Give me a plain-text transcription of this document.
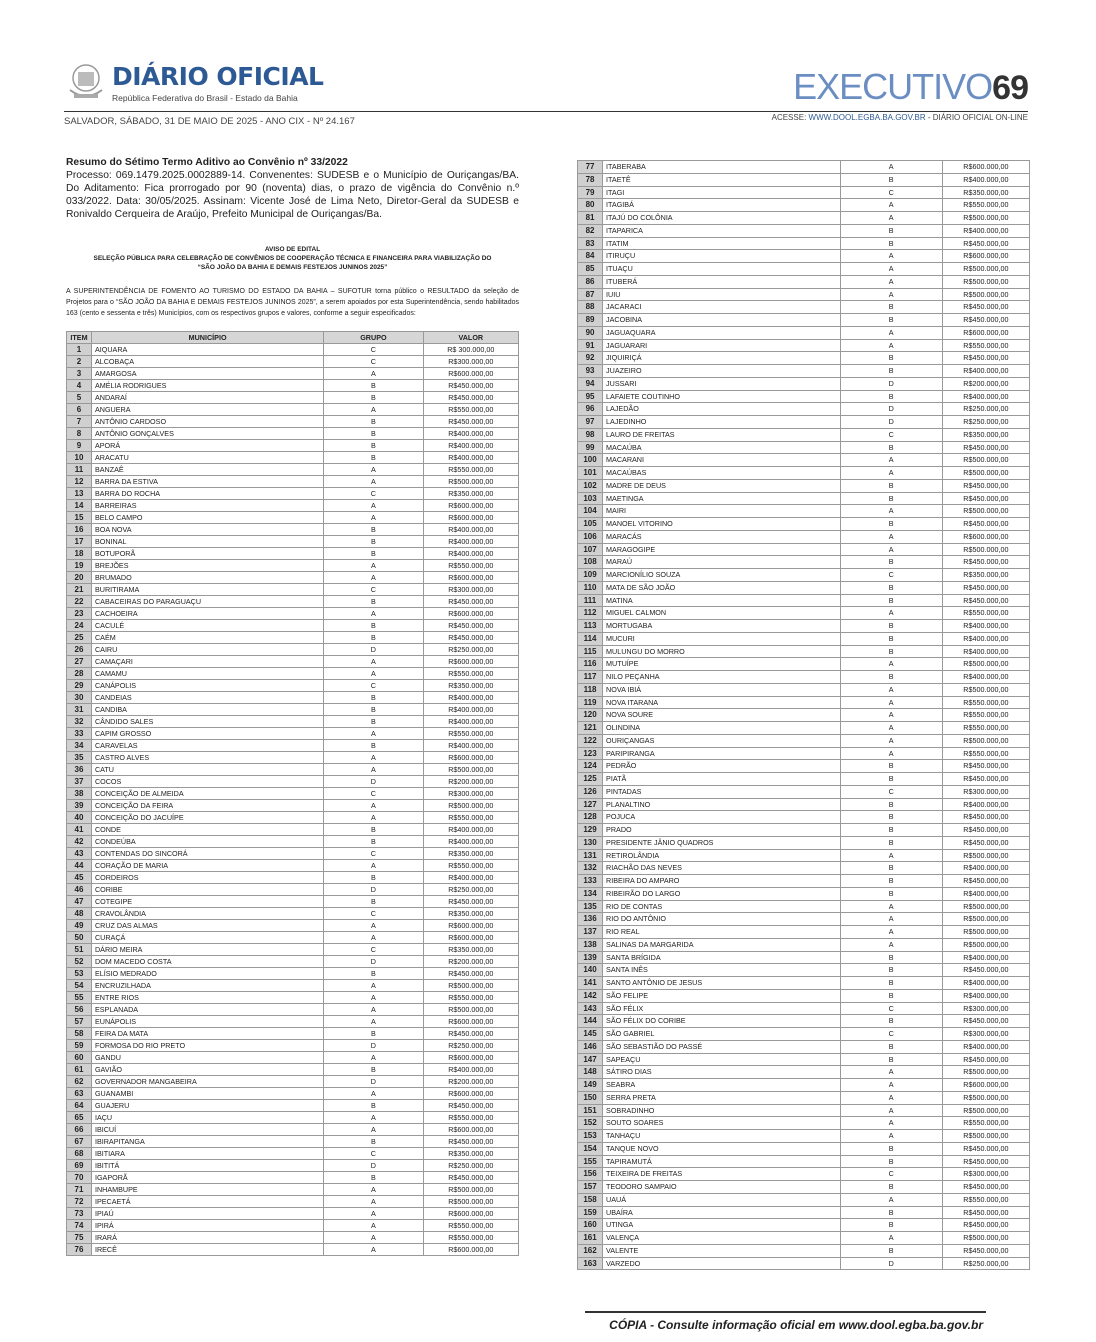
DIÁRIO OFICIAL
República Federativa do Brasil - Estado da Bahia	EXECUTIVO69
SALVADOR, SÁBADO, 31 DE MAIO DE 2025 - ANO CIX - Nº 24.167	ACESSE: WWW.DOOL.EGBA.BA.GOV.BR - DIÁRIO OFICIAL ON-LINE
Resumo do Sétimo Termo Aditivo ao Convênio nº 33/2022
Processo: 069.1479.2025.0002889-14. Convenentes: SUDESB e o Município de Ouriçangas/BA. Do Aditamento: Fica prorrogado por 90 (noventa) dias, o prazo de vigência do Convênio n.º 033/2022. Data: 30/05/2025. Assinam: Vicente José de Lima Neto, Diretor-Geral da SUDESB e Ronivaldo Cerqueira de Araújo, Prefeito Municipal de Ouriçangas/Ba.
AVISO DE EDITAL
SELEÇÃO PÚBLICA PARA CELEBRAÇÃO DE CONVÊNIOS DE COOPERAÇÃO TÉCNICA E FINANCEIRA PARA VIABILIZAÇÃO DO
“SÃO JOÃO DA BAHIA E DEMAIS FESTEJOS JUNINOS 2025”
A SUPERINTENDÊNCIA DE FOMENTO AO TURISMO DO ESTADO DA BAHIA – SUFOTUR torna público o RESULTADO da seleção de Projetos para o “SÃO JOÃO DA BAHIA E DEMAIS FESTEJOS JUNINOS 2025”, a serem apoiados por esta Superintendência, sendo habilitados 163 (cento e sessenta e três) Municípios, com os respectivos grupos e valores, conforme a seguir especificados:
ITEM	MUNICÍPIO	GRUPO	VALOR
1	AIQUARA	C	R$ 300.000,00
2	ALCOBAÇA	C	R$300.000,00
3	AMARGOSA	A	R$600.000,00
4	AMÉLIA RODRIGUES	B	R$450.000,00
5	ANDARAÍ	B	R$450.000,00
6	ANGUERA	A	R$550.000,00
7	ANTÔNIO CARDOSO	B	R$450.000,00
8	ANTÔNIO GONÇALVES	B	R$400.000,00
9	APORÁ	B	R$400.000,00
10	ARACATU	B	R$400.000,00
11	BANZAÊ	A	R$550.000,00
12	BARRA DA ESTIVA	A	R$500.000,00
13	BARRA DO ROCHA	C	R$350.000,00
14	BARREIRAS	A	R$600.000,00
15	BELO CAMPO	A	R$600.000,00
16	BOA NOVA	B	R$400.000,00
17	BONINAL	B	R$400.000,00
18	BOTUPORÃ	B	R$400.000,00
19	BREJÕES	A	R$550.000,00
20	BRUMADO	A	R$600.000,00
21	BURITIRAMA	C	R$300.000,00
22	CABACEIRAS DO PARAGUAÇU	B	R$450.000,00
23	CACHOEIRA	A	R$600.000,00
24	CACULÉ	B	R$450.000,00
25	CAÉM	B	R$450.000,00
26	CAIRU	D	R$250.000,00
27	CAMAÇARI	A	R$600.000,00
28	CAMAMU	A	R$550.000,00
29	CANÁPOLIS	C	R$350.000,00
30	CANDEIAS	B	R$400.000,00
31	CANDIBA	B	R$400.000,00
32	CÂNDIDO SALES	B	R$400.000,00
33	CAPIM GROSSO	A	R$550.000,00
34	CARAVELAS	B	R$400.000,00
35	CASTRO ALVES	A	R$600.000,00
36	CATU	A	R$500.000,00
37	COCOS	D	R$200.000,00
38	CONCEIÇÃO DE ALMEIDA	C	R$300.000,00
39	CONCEIÇÃO DA FEIRA	A	R$500.000,00
40	CONCEIÇÃO DO JACUÍPE	A	R$550.000,00
41	CONDE	B	R$400.000,00
42	CONDEÚBA	B	R$400.000,00
43	CONTENDAS DO SINCORÁ	C	R$350.000,00
44	CORAÇÃO DE MARIA	A	R$550.000,00
45	CORDEIROS	B	R$400.000,00
46	CORIBE	D	R$250.000,00
47	COTEGIPE	B	R$450.000,00
48	CRAVOLÂNDIA	C	R$350.000,00
49	CRUZ DAS ALMAS	A	R$600.000,00
50	CURAÇÁ	A	R$600.000,00
51	DÁRIO MEIRA	C	R$350.000,00
52	DOM MACEDO COSTA	D	R$200.000,00
53	ELÍSIO MEDRADO	B	R$450.000,00
54	ENCRUZILHADA	A	R$500.000,00
55	ENTRE RIOS	A	R$550.000,00
56	ESPLANADA	A	R$500.000,00
57	EUNÁPOLIS	A	R$600.000,00
58	FEIRA DA MATA	B	R$450.000,00
59	FORMOSA DO RIO PRETO	D	R$250.000,00
60	GANDU	A	R$600.000,00
61	GAVIÃO	B	R$400.000,00
62	GOVERNADOR MANGABEIRA	D	R$200.000,00
63	GUANAMBI	A	R$600.000,00
64	GUAJERU	B	R$450.000,00
65	IAÇU	A	R$550.000,00
66	IBICUÍ	A	R$600.000,00
67	IBIRAPITANGA	B	R$450.000,00
68	IBITIARA	C	R$350.000,00
69	IBITITÁ	D	R$250.000,00
70	IGAPORÃ	B	R$450.000,00
71	INHAMBUPE	A	R$500.000,00
72	IPECAETÁ	A	R$500.000,00
73	IPIAÚ	A	R$600.000,00
74	IPIRÁ	A	R$550.000,00
75	IRARÁ	A	R$550.000,00
76	IRECÊ	A	R$600.000,00
77	ITABERABA	A	R$600.000,00
78	ITAETÊ	B	R$400.000,00
79	ITAGI	C	R$350.000,00
80	ITAGIBÁ	A	R$550.000,00
81	ITAJÚ DO COLÔNIA	A	R$500.000,00
82	ITAPARICA	B	R$400.000,00
83	ITATIM	B	R$450.000,00
84	ITIRUÇU	A	R$600.000,00
85	ITUAÇU	A	R$500.000,00
86	ITUBERÁ	A	R$500.000,00
87	IUIU	A	R$500.000,00
88	JACARACI	B	R$450.000,00
89	JACOBINA	B	R$450.000,00
90	JAGUAQUARA	A	R$600.000,00
91	JAGUARARI	A	R$550.000,00
92	JIQUIRIÇÁ	B	R$450.000,00
93	JUAZEIRO	B	R$400.000,00
94	JUSSARI	D	R$200.000,00
95	LAFAIETE COUTINHO	B	R$400.000,00
96	LAJEDÃO	D	R$250.000,00
97	LAJEDINHO	D	R$250.000,00
98	LAURO DE FREITAS	C	R$350.000,00
99	MACAÚBA	B	R$450.000,00
100	MACARANI	A	R$500.000,00
101	MACAÚBAS	A	R$500.000,00
102	MADRE DE DEUS	B	R$450.000,00
103	MAETINGA	B	R$450.000,00
104	MAIRI	A	R$500.000,00
105	MANOEL VITORINO	B	R$450.000,00
106	MARACÁS	A	R$600.000,00
107	MARAGOGIPE	A	R$500.000,00
108	MARAÚ	B	R$450.000,00
109	MARCIONÍLIO SOUZA	C	R$350.000,00
110	MATA DE SÃO JOÃO	B	R$450.000,00
111	MATINA	B	R$450.000,00
112	MIGUEL CALMON	A	R$550.000,00
113	MORTUGABA	B	R$400.000,00
114	MUCURI	B	R$400.000,00
115	MULUNGU DO MORRO	B	R$400.000,00
116	MUTUÍPE	A	R$500.000,00
117	NILO PEÇANHA	B	R$400.000,00
118	NOVA IBIÁ	A	R$500.000,00
119	NOVA ITARANA	A	R$550.000,00
120	NOVA SOURE	A	R$550.000,00
121	OLINDINA	A	R$550.000,00
122	OURIÇANGAS	A	R$500.000,00
123	PARIPIRANGA	A	R$550.000,00
124	PEDRÃO	B	R$450.000,00
125	PIATÃ	B	R$450.000,00
126	PINTADAS	C	R$300.000,00
127	PLANALTINO	B	R$400.000,00
128	POJUCA	B	R$450.000,00
129	PRADO	B	R$450.000,00
130	PRESIDENTE JÂNIO QUADROS	B	R$450.000,00
131	RETIROLÂNDIA	A	R$500.000,00
132	RIACHÃO DAS NEVES	B	R$400.000,00
133	RIBEIRA DO AMPARO	B	R$450.000,00
134	RIBEIRÃO DO LARGO	B	R$400.000,00
135	RIO DE CONTAS	A	R$500.000,00
136	RIO DO ANTÔNIO	A	R$500.000,00
137	RIO REAL	A	R$500.000,00
138	SALINAS DA MARGARIDA	A	R$500.000,00
139	SANTA BRÍGIDA	B	R$400.000,00
140	SANTA INÊS	B	R$450.000,00
141	SANTO ANTÔNIO DE JESUS	B	R$400.000,00
142	SÃO FELIPE	B	R$400.000,00
143	SÃO FÉLIX	C	R$300.000,00
144	SÃO FÉLIX DO CORIBE	B	R$450.000,00
145	SÃO GABRIEL	C	R$300.000,00
146	SÃO SEBASTIÃO DO PASSÉ	B	R$400.000,00
147	SAPEAÇU	B	R$450.000,00
148	SÁTIRO DIAS	A	R$500.000,00
149	SEABRA	A	R$600.000,00
150	SERRA PRETA	A	R$500.000,00
151	SOBRADINHO	A	R$500.000,00
152	SOUTO SOARES	A	R$550.000,00
153	TANHAÇU	A	R$500.000,00
154	TANQUE NOVO	B	R$450.000,00
155	TAPIRAMUTÁ	B	R$450.000,00
156	TEIXEIRA DE FREITAS	C	R$300.000,00
157	TEODORO SAMPAIO	B	R$450.000,00
158	UAUÁ	A	R$550.000,00
159	UBAÍRA	B	R$450.000,00
160	UTINGA	B	R$450.000,00
161	VALENÇA	A	R$500.000,00
162	VALENTE	B	R$450.000,00
163	VARZEDO	D	R$250.000,00
CÓPIA - Consulte informação oficial em www.dool.egba.ba.gov.br
